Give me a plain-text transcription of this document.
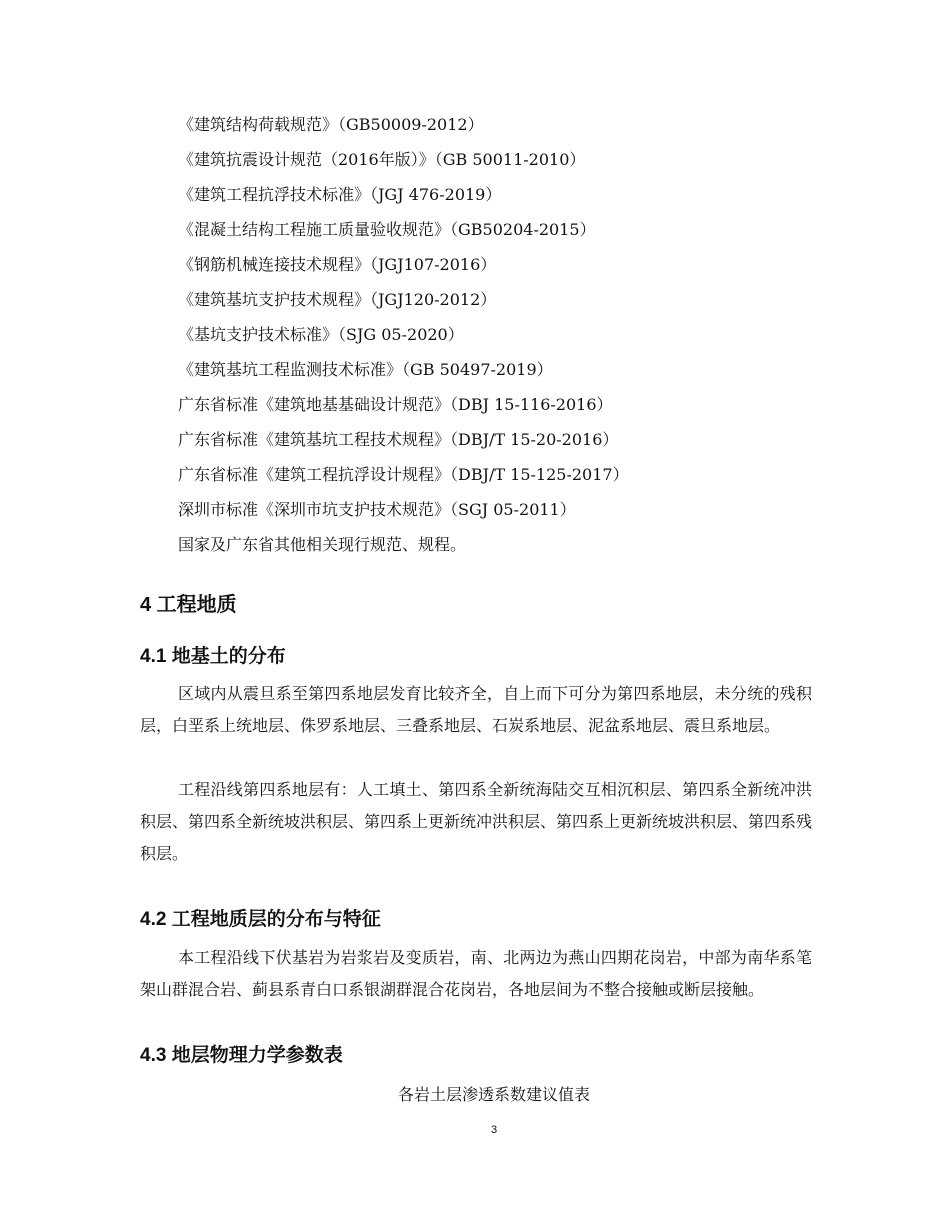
《建筑结构荷载规范》（GB50009-2012）
《建筑抗震设计规范（2016年版）》（GB 50011-2010）
《建筑工程抗浮技术标准》（JGJ 476-2019）
《混凝土结构工程施工质量验收规范》（GB50204-2015）
《钢筋机械连接技术规程》（JGJ107-2016）
《建筑基坑支护技术规程》（JGJ120-2012）
《基坑支护技术标准》（SJG 05-2020）
《建筑基坑工程监测技术标准》（GB 50497-2019）
广东省标准《建筑地基基础设计规范》（DBJ 15-116-2016）
广东省标准《建筑基坑工程技术规程》（DBJ/T 15-20-2016）
广东省标准《建筑工程抗浮设计规程》（DBJ/T 15-125-2017）
深圳市标准《深圳市坑支护技术规范》（SGJ 05-2011）
国家及广东省其他相关现行规范、规程。
4 工程地质
4.1 地基土的分布

区域内从震旦系至第四系地层发育比较齐全，自上而下可分为第四系地层，未分统的残积层，白垩系上统地层、侏罗系地层、三叠系地层、石炭系地层、泥盆系地层、震旦系地层。

工程沿线第四系地层有：人工填土、第四系全新统海陆交互相沉积层、第四系全新统冲洪积层、第四系全新统坡洪积层、第四系上更新统冲洪积层、第四系上更新统坡洪积层、第四系残积层。

4.2 工程地质层的分布与特征

本工程沿线下伏基岩为岩浆岩及变质岩，南、北两边为燕山四期花岗岩，中部为南华系笔架山群混合岩、蓟县系青白口系银湖群混合花岗岩，各地层间为不整合接触或断层接触。

4.3 地层物理力学参数表
各岩土层渗透系数建议值表
3
